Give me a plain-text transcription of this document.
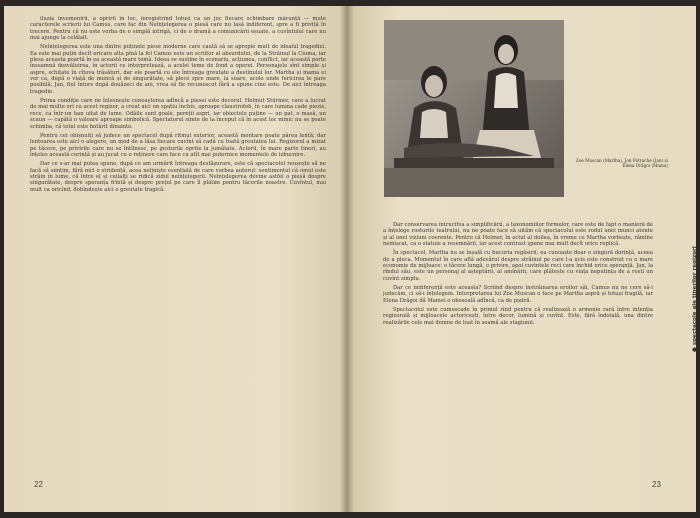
iluzia învemenirii, a opririi în loc, înregistrînd totuși ca un joc fiecare schimbare mărunță — mute caracterele scrierii lui Camus, care fac din Neînțelegerea o piesă care nu lasă indiferent, spre a fi privită în trecere. Pentru că nu este vorba de o simplă intrigă, ci de o dramă a comunicării eșuate, a cuvîntului care nu mai ajunge la celălalt.

Neînțelegerea este una dintre puținele piese moderne care caută să se apropie mult de idealul tragediei. Ea este mai puțin decît oricare alta pînă la fel Camus este un scriitor al absurdului, de la Străinul la Ciuma, iar piesa aceasta poartă în ea această mare temă. Ideea se susține în scenariu, acțiunea, conflict, iar această parte înseamnă dezvăluirea, în actorii ce interpretează, a acelei teme de fond a operei. Personajele sînt simple și aspre, schițate în cîteva trăsături, dar ele poartă cu ele întreaga greutate a destinului lor. Martha și mama ei vor ca, după o viață de muncă și de singurătate, să plece spre mare, la soare, acolo unde fericirea le pare posibilă; Jan, fiul întors după douăzeci de ani, vrea să fie recunoscut fără a spune cine este. De aici întreaga tragedie.

Prima condiție care ne înlesnește cunoașterea adîncă a piesei este decorul. Helmut Stürmer, care a lucrat de mai multe ori cu acest regizor, a creat aici un spațiu închis, aproape claustrofob, în care lumina cade piezis, rece, ca într-un han uitat de lume. Odăile sunt goale, pereții aspri, iar obiectele puține — un pat, o masă, un scaun — capătă o valoare aproape simbolică. Spectatorul simte de la început că în acest loc nimic nu se poate schimba, că totul este hotărît dinainte.

Pentru cei obișnuiți să judece un spectacol după ritmul exterior, această montare poate părea lentă; dar lentoarea este aici o alegere, un mod de a lăsa fiecare cuvînt să cadă cu toată greutatea lui. Regizorul a mizat pe tăcere, pe privirile care nu se întîlnesc, pe gesturile oprite la jumătate. Actorii, în mare parte tineri, au înțeles această cerință și au jucat cu o reținere care face cu atît mai puternice momentele de izbucnire.

Dar ce s-ar mai putea spune, după ce am urmărit întreaga desfășurare, este că spectacolul reușește să ne facă să simțim, fără nici o stridență, acea neliniște esențială de care vorbea autorul: sentimentul că omul este străin în lume, că între el și ceilalți se ridică zidul neînțelegerii. Neînțelegerea devine astfel o piesă despre singurătate, despre speranța frîntă și despre prețul pe care îl plătim pentru tăcerile noastre. Cuvîntul, mai mult ca oricînd, dobîndește aici o greutate tragică.

22
Zoe Muscan (Martha), Jon Petrache (Jan) și Elena Drăgoi (Mama)

Dar conservarea întrucîtva a simplificării, a taxonomiilor formelor, care este de fapt o manieră de a înțelege rosturile teatrului, nu ne poate face să uităm că spectacolul este rodul unei munci atente și al unei viziuni coerente. Pentru că Helmer, în actul al doilea, în vreme ce Martha vorbește, rămîne nemișcat, ca o statuie a resemnării, iar acest contrast spune mai mult decît orice replică.

În spectacol, Martha nu se înșală cu bucuria regăsirii; ea cunoaște doar o singură dorință, aceea de a pleca. Momentul în care află adevărul despre străinul pe care l-a ucis este construit cu o mare economie de mijloace: o tăcere lungă, o privire, apoi cuvintele reci care închid orice speranță. Jan, la rîndul său, este un personaj al așteptării, al amînării, care plătește cu viața neputința de a rosti un cuvînt simplu.

Dar ce indiferență este aceasta? Scriind despre înstrăinarea eroilor săi, Camus nu ne cere să-i judecăm, ci să-i înțelegem. Interpretarea lui Zoe Muscan o face pe Martha aspră și totuși fragilă, iar Elena Drăgoi dă Mamei o oboseală adîncă, ca de piatră.

Spectacolul este cumsecade în primul rînd pentru că realizează o armonie rară între intenția regizorală și mijloacele actoricești, între decor, lumină și cuvînt. Este, fără îndoială, una dintre realizările cele mai demne de luat în seamă ale stagiunii.	● spectacole ale tinerilor regizori
23
